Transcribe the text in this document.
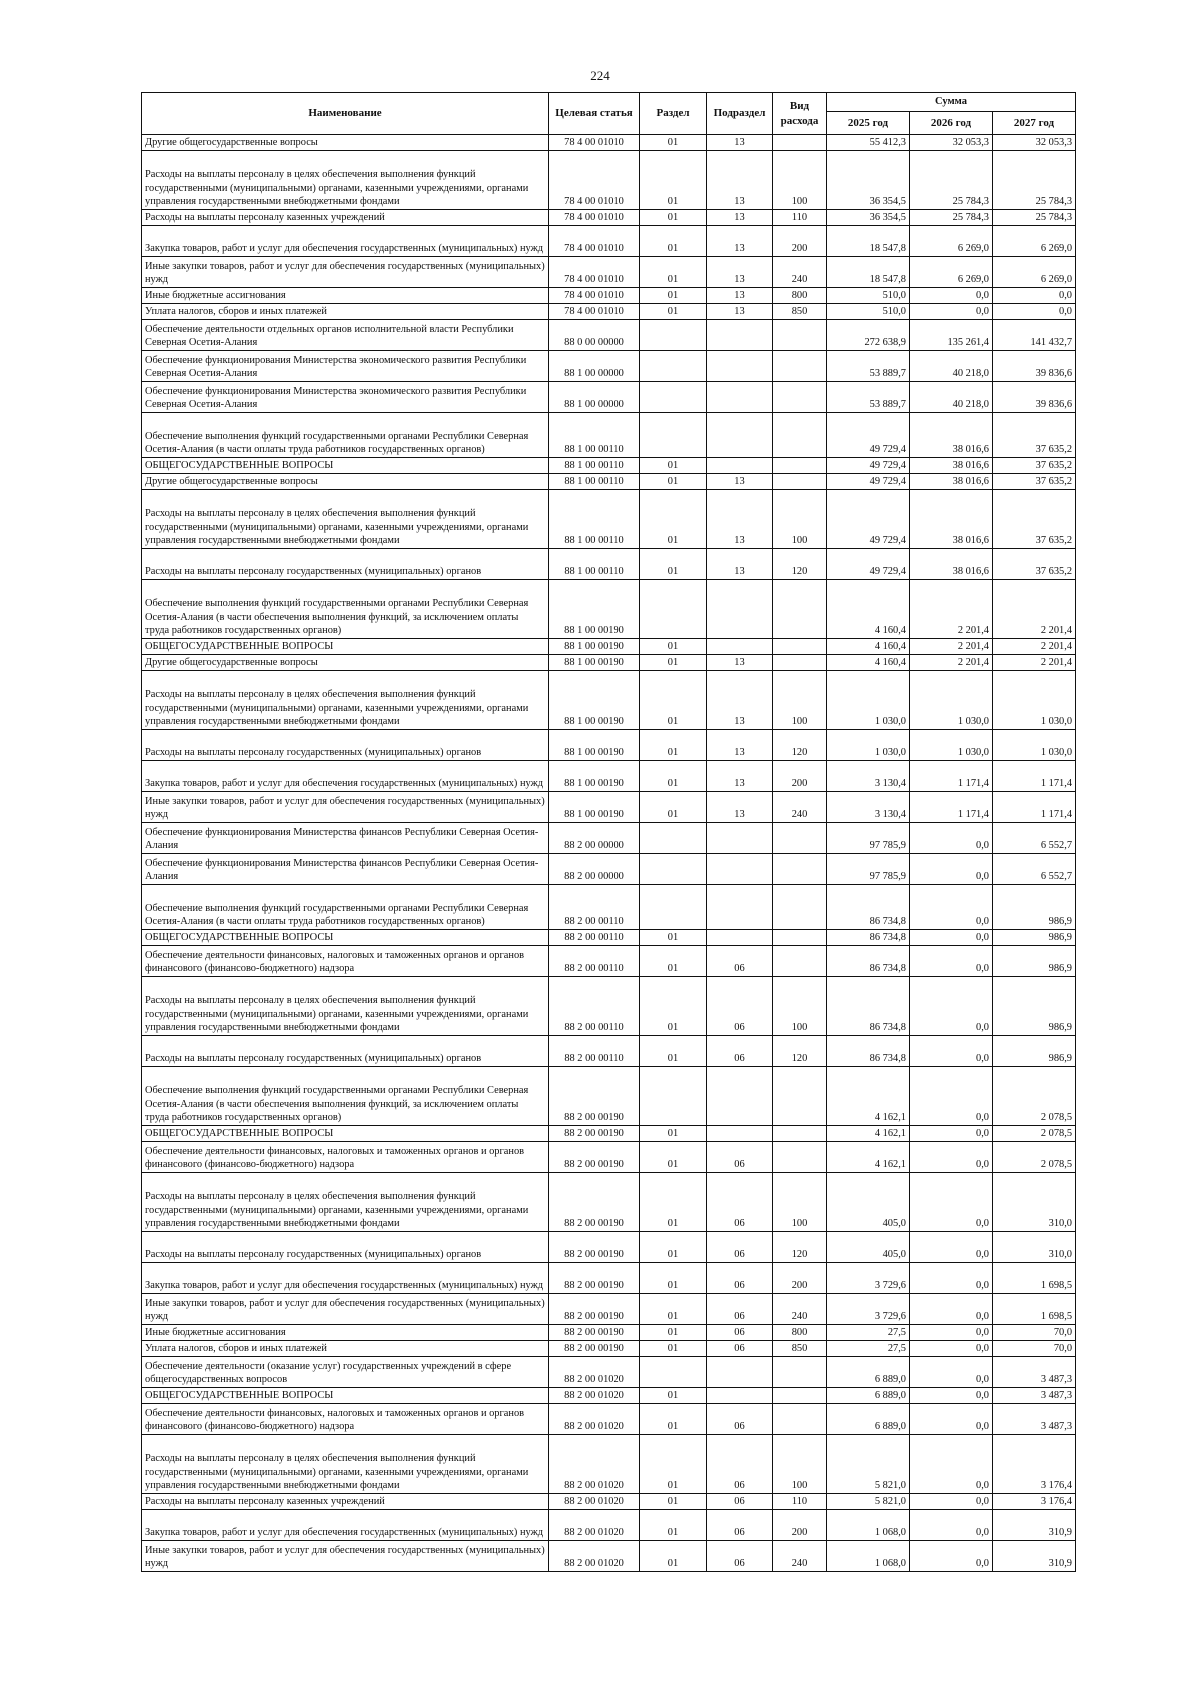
224
Наименование	Целевая статья	Раздел	Подраздел	Вид расхода	Сумма		
					2025 год	2026 год	2027 год
Другие общегосударственные вопросы	78 4 00 01010	01	13		55 412,3	32 053,3	32 053,3
Расходы на выплаты персоналу в целях обеспечения выполнения функций государственными (муниципальными) органами, казенными учреждениями, органами управления государственными внебюджетными фондами	78 4 00 01010	01	13	100	36 354,5	25 784,3	25 784,3
Расходы на выплаты персоналу казенных учреждений	78 4 00 01010	01	13	110	36 354,5	25 784,3	25 784,3
Закупка товаров, работ и услуг для обеспечения государственных (муниципальных) нужд	78 4 00 01010	01	13	200	18 547,8	6 269,0	6 269,0
Иные закупки товаров, работ и услуг для обеспечения государственных (муниципальных) нужд	78 4 00 01010	01	13	240	18 547,8	6 269,0	6 269,0
Иные бюджетные ассигнования	78 4 00 01010	01	13	800	510,0	0,0	0,0
Уплата налогов, сборов и иных платежей	78 4 00 01010	01	13	850	510,0	0,0	0,0
Обеспечение деятельности отдельных органов исполнительной власти Республики Северная Осетия-Алания	88 0 00 00000				272 638,9	135 261,4	141 432,7
Обеспечение функционирования Министерства экономического развития Республики Северная Осетия-Алания	88 1 00 00000				53 889,7	40 218,0	39 836,6
Обеспечение функционирования Министерства экономического развития Республики Северная Осетия-Алания	88 1 00 00000				53 889,7	40 218,0	39 836,6
Обеспечение выполнения функций государственными органами Республики Северная Осетия-Алания (в части оплаты труда работников государственных органов)	88 1 00 00110				49 729,4	38 016,6	37 635,2
ОБЩЕГОСУДАРСТВЕННЫЕ ВОПРОСЫ	88 1 00 00110	01			49 729,4	38 016,6	37 635,2
Другие общегосударственные вопросы	88 1 00 00110	01	13		49 729,4	38 016,6	37 635,2
Расходы на выплаты персоналу в целях обеспечения выполнения функций государственными (муниципальными) органами, казенными учреждениями, органами управления государственными внебюджетными фондами	88 1 00 00110	01	13	100	49 729,4	38 016,6	37 635,2
Расходы на выплаты персоналу государственных (муниципальных) органов	88 1 00 00110	01	13	120	49 729,4	38 016,6	37 635,2
Обеспечение выполнения функций государственными органами Республики Северная Осетия-Алания (в части обеспечения выполнения функций, за исключением оплаты труда работников государственных органов)	88 1 00 00190				4 160,4	2 201,4	2 201,4
ОБЩЕГОСУДАРСТВЕННЫЕ ВОПРОСЫ	88 1 00 00190	01			4 160,4	2 201,4	2 201,4
Другие общегосударственные вопросы	88 1 00 00190	01	13		4 160,4	2 201,4	2 201,4
Расходы на выплаты персоналу в целях обеспечения выполнения функций государственными (муниципальными) органами, казенными учреждениями, органами управления государственными внебюджетными фондами	88 1 00 00190	01	13	100	1 030,0	1 030,0	1 030,0
Расходы на выплаты персоналу государственных (муниципальных) органов	88 1 00 00190	01	13	120	1 030,0	1 030,0	1 030,0
Закупка товаров, работ и услуг для обеспечения государственных (муниципальных) нужд	88 1 00 00190	01	13	200	3 130,4	1 171,4	1 171,4
Иные закупки товаров, работ и услуг для обеспечения государственных (муниципальных) нужд	88 1 00 00190	01	13	240	3 130,4	1 171,4	1 171,4
Обеспечение функционирования Министерства финансов Республики Северная Осетия-Алания	88 2 00 00000				97 785,9	0,0	6 552,7
Обеспечение функционирования Министерства финансов Республики Северная Осетия-Алания	88 2 00 00000				97 785,9	0,0	6 552,7
Обеспечение выполнения функций государственными органами Республики Северная Осетия-Алания (в части оплаты труда работников государственных органов)	88 2 00 00110				86 734,8	0,0	986,9
ОБЩЕГОСУДАРСТВЕННЫЕ ВОПРОСЫ	88 2 00 00110	01			86 734,8	0,0	986,9
Обеспечение деятельности финансовых, налоговых и таможенных органов и органов финансового (финансово-бюджетного) надзора	88 2 00 00110	01	06		86 734,8	0,0	986,9
Расходы на выплаты персоналу в целях обеспечения выполнения функций государственными (муниципальными) органами, казенными учреждениями, органами управления государственными внебюджетными фондами	88 2 00 00110	01	06	100	86 734,8	0,0	986,9
Расходы на выплаты персоналу государственных (муниципальных) органов	88 2 00 00110	01	06	120	86 734,8	0,0	986,9
Обеспечение выполнения функций государственными органами Республики Северная Осетия-Алания (в части обеспечения выполнения функций, за исключением оплаты труда работников государственных органов)	88 2 00 00190				4 162,1	0,0	2 078,5
ОБЩЕГОСУДАРСТВЕННЫЕ ВОПРОСЫ	88 2 00 00190	01			4 162,1	0,0	2 078,5
Обеспечение деятельности финансовых, налоговых и таможенных органов и органов финансового (финансово-бюджетного) надзора	88 2 00 00190	01	06		4 162,1	0,0	2 078,5
Расходы на выплаты персоналу в целях обеспечения выполнения функций государственными (муниципальными) органами, казенными учреждениями, органами управления государственными внебюджетными фондами	88 2 00 00190	01	06	100	405,0	0,0	310,0
Расходы на выплаты персоналу государственных (муниципальных) органов	88 2 00 00190	01	06	120	405,0	0,0	310,0
Закупка товаров, работ и услуг для обеспечения государственных (муниципальных) нужд	88 2 00 00190	01	06	200	3 729,6	0,0	1 698,5
Иные закупки товаров, работ и услуг для обеспечения государственных (муниципальных) нужд	88 2 00 00190	01	06	240	3 729,6	0,0	1 698,5
Иные бюджетные ассигнования	88 2 00 00190	01	06	800	27,5	0,0	70,0
Уплата налогов, сборов и иных платежей	88 2 00 00190	01	06	850	27,5	0,0	70,0
Обеспечение деятельности (оказание услуг) государственных учреждений в сфере общегосударственных вопросов	88 2 00 01020				6 889,0	0,0	3 487,3
ОБЩЕГОСУДАРСТВЕННЫЕ ВОПРОСЫ	88 2 00 01020	01			6 889,0	0,0	3 487,3
Обеспечение деятельности финансовых, налоговых и таможенных органов и органов финансового (финансово-бюджетного) надзора	88 2 00 01020	01	06		6 889,0	0,0	3 487,3
Расходы на выплаты персоналу в целях обеспечения выполнения функций государственными (муниципальными) органами, казенными учреждениями, органами управления государственными внебюджетными фондами	88 2 00 01020	01	06	100	5 821,0	0,0	3 176,4
Расходы на выплаты персоналу казенных учреждений	88 2 00 01020	01	06	110	5 821,0	0,0	3 176,4
Закупка товаров, работ и услуг для обеспечения государственных (муниципальных) нужд	88 2 00 01020	01	06	200	1 068,0	0,0	310,9
Иные закупки товаров, работ и услуг для обеспечения государственных (муниципальных) нужд	88 2 00 01020	01	06	240	1 068,0	0,0	310,9
